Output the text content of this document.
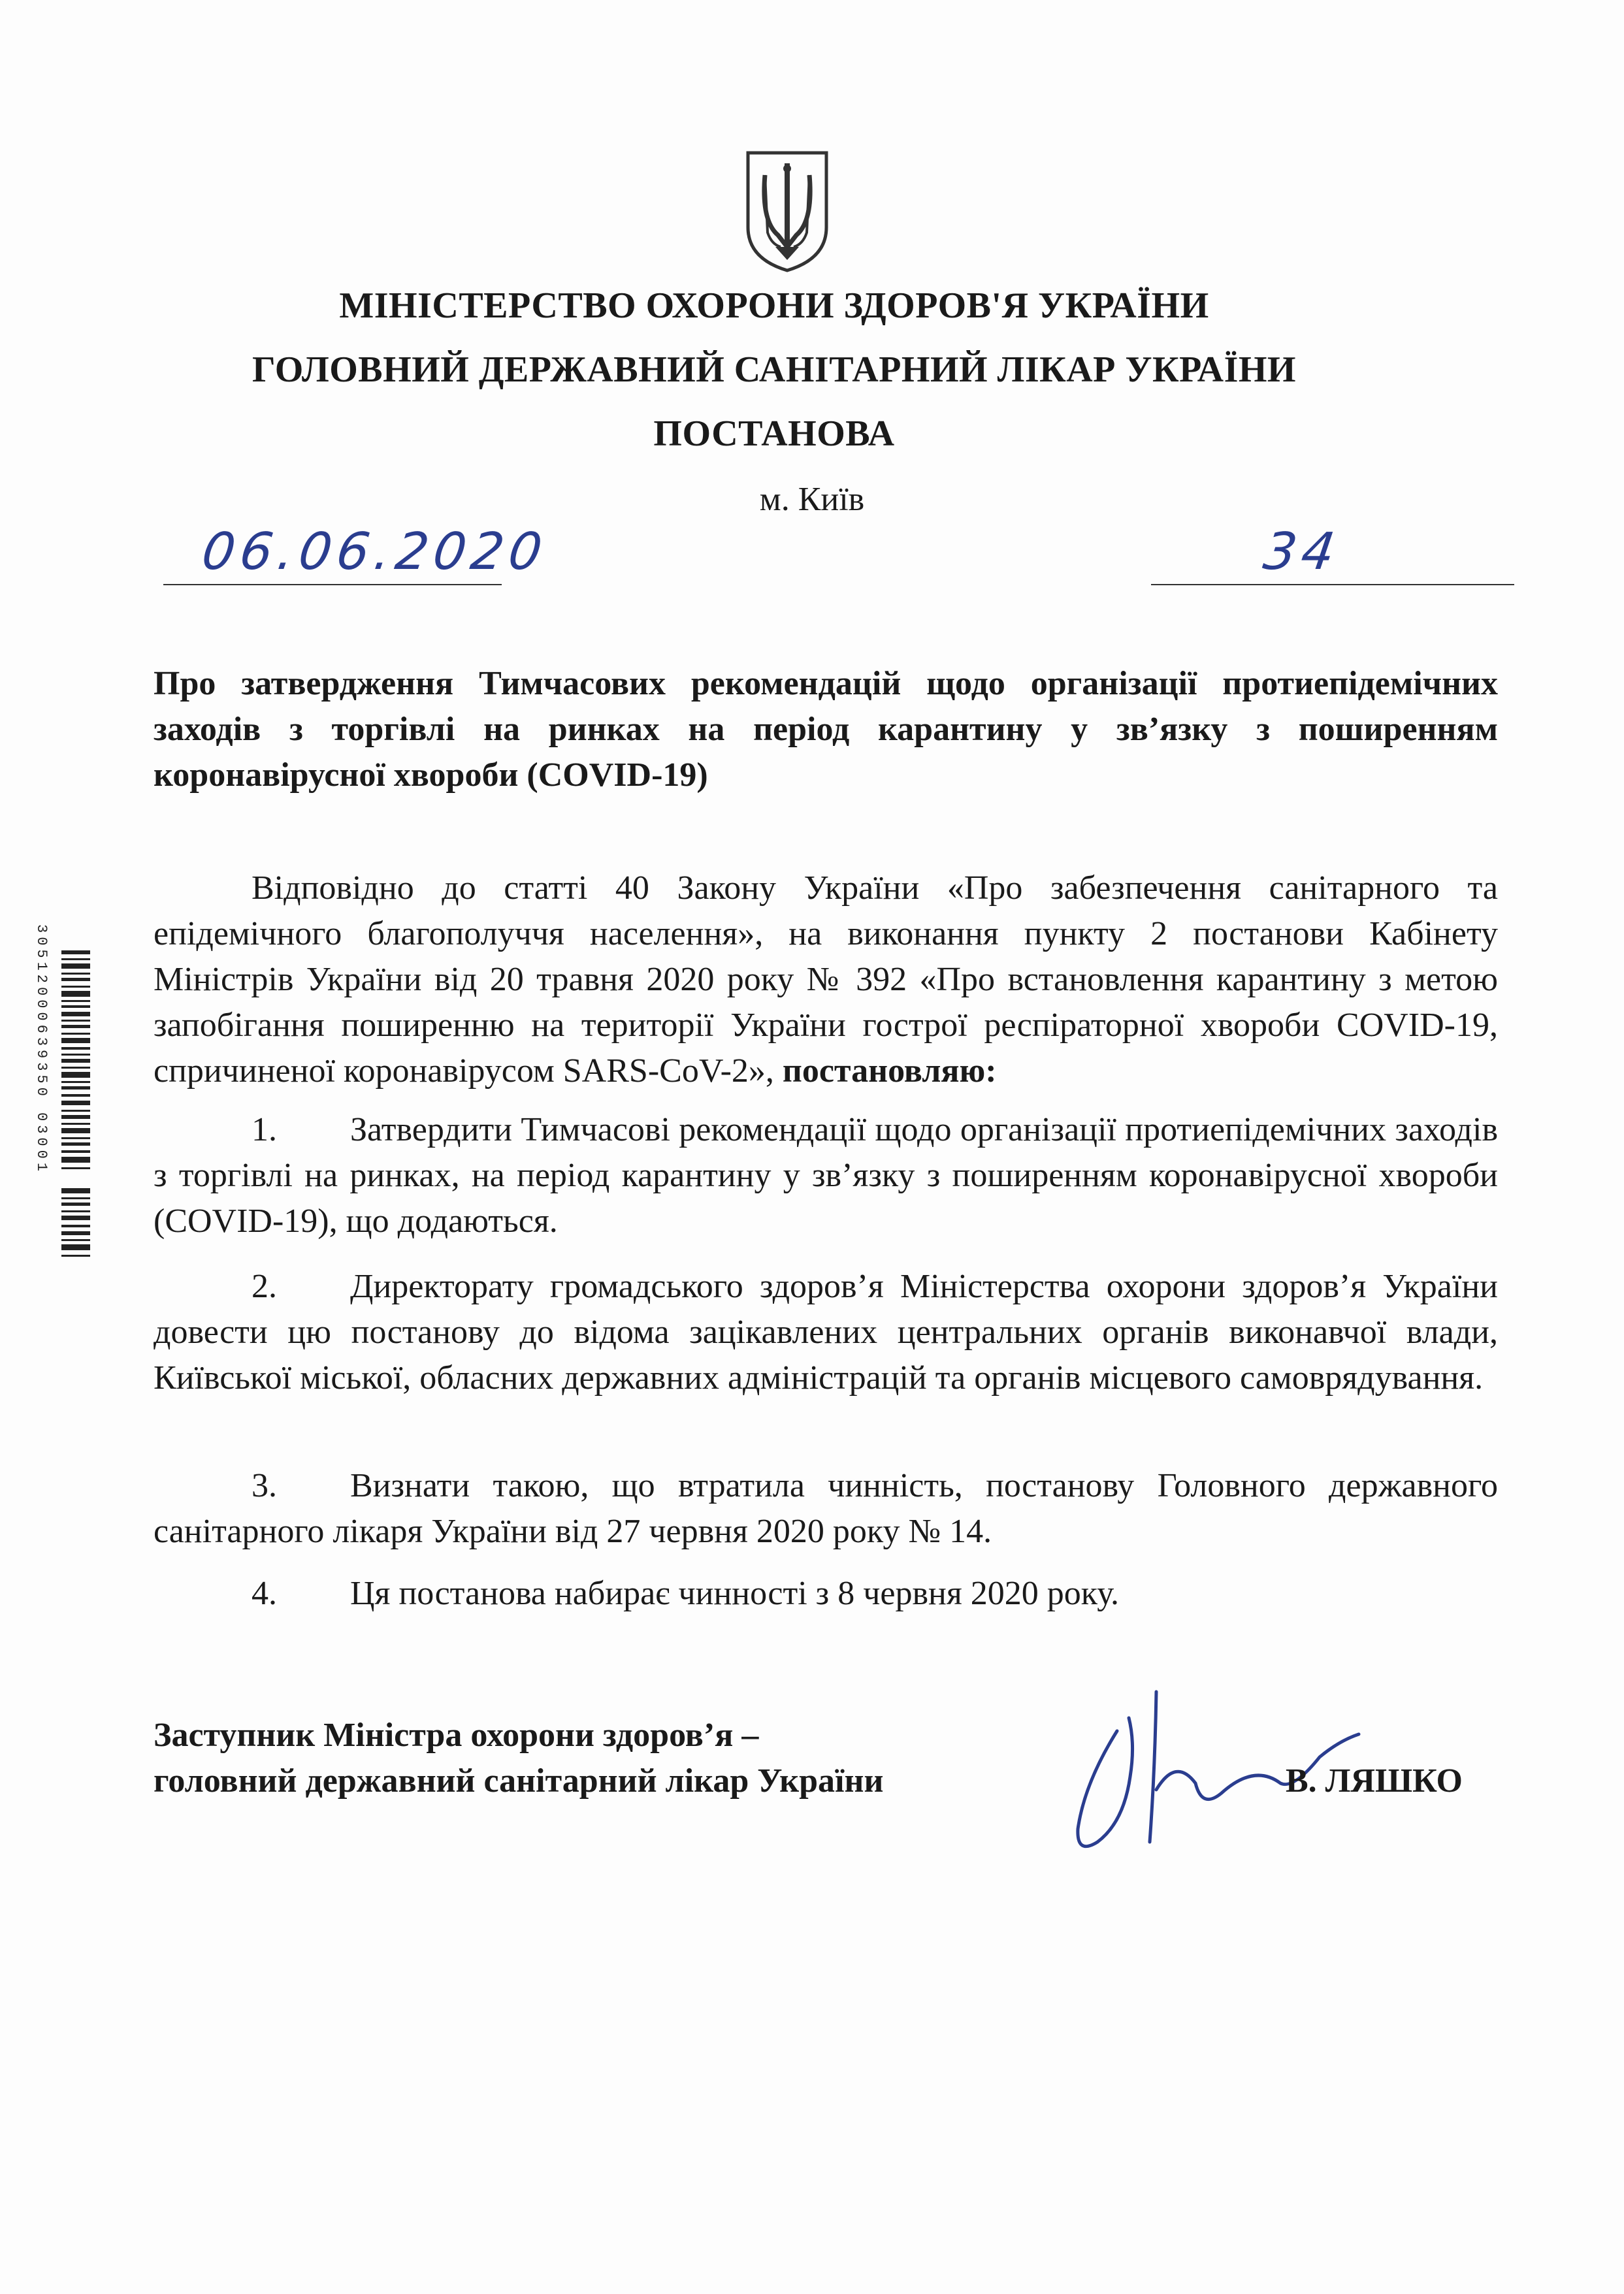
МІНІСТЕРСТВО ОХОРОНИ ЗДОРОВ'Я УКРАЇНИ
ГОЛОВНИЙ ДЕРЖАВНИЙ САНІТАРНИЙ ЛІКАР УКРАЇНИ
ПОСТАНОВА
м. Київ
06.06.2020	34
Про затвердження Тимчасових рекомендацій щодо організації протиепідемічних заходів з торгівлі на ринках на період карантину у зв’язку з поширенням коронавірусної хвороби (COVID-19)
Відповідно до статті 40 Закону України «Про забезпечення санітарного та епідемічного благополуччя населення», на виконання пункту 2 постанови Кабінету Міністрів України від 20 травня 2020 року № 392 «Про встановлення карантину з метою запобігання поширенню на території України гострої респіраторної хвороби COVID-19, спричиненої коронавірусом SARS-CoV-2», постановляю:
1. Затвердити Тимчасові рекомендації щодо організації протиепідемічних заходів з торгівлі на ринках, на період карантину у зв’язку з поширенням коронавірусної хвороби (COVID-19), що додаються.
2. Директорату громадського здоров’я Міністерства охорони здоров’я України довести цю постанову до відома зацікавлених центральних органів виконавчої влади, Київської міської, обласних державних адміністрацій та органів місцевого самоврядування.
3. Визнати такою, що втратила чинність, постанову Головного державного санітарного лікаря України від 27 червня 2020 року № 14.
4. Ця постанова набирає чинності з 8 червня 2020 року.
Заступник Міністра охорони здоров’я –
головний державний санітарний лікар України	В. ЛЯШКО
30512000639350 03001
